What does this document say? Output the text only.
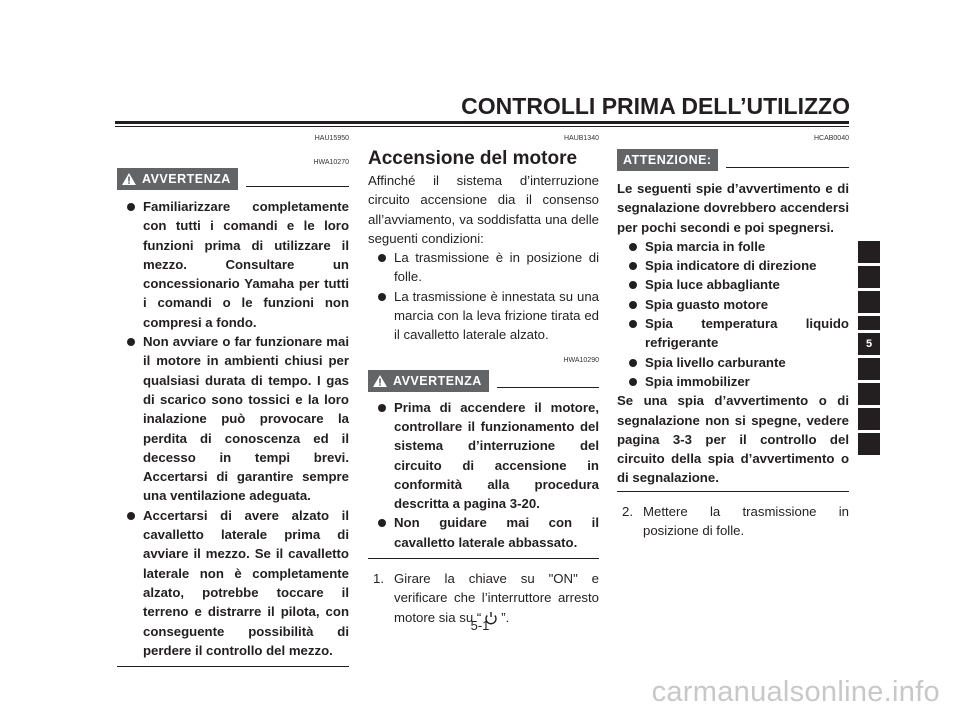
CONTROLLI PRIMA DELL’UTILIZZO
HAU15950
HWA10270
AVVERTENZA

Familiarizzare completamente con tutti i comandi e le loro funzioni prima di utilizzare il mezzo. Consultare un concessionario Yamaha per tutti i comandi o le funzioni non compresi a fondo.

Non avviare o far funzionare mai il motore in ambienti chiusi per qualsiasi durata di tempo. I gas di scarico sono tossici e la loro inalazione può provocare la perdita di conoscenza ed il decesso in tempi brevi. Accertarsi di garantire sempre una ventilazione adeguata.

Accertarsi di avere alzato il cavalletto laterale prima di avviare il mezzo. Se il cavalletto laterale non è completamente alzato, potrebbe toccare il terreno e distrarre il pilota, con conseguente possibilità di perdere il controllo del mezzo.

HAUB1340
Accensione del motore

Affinché il sistema d’interruzione circuito accensione dia il consenso all’avviamento, va soddisfatta una delle seguenti condizioni:

La trasmissione è in posizione di folle.

La trasmissione è innestata su una marcia con la leva frizione tirata ed il cavalletto laterale alzato.

HWA10290
AVVERTENZA

Prima di accendere il motore, controllare il funzionamento del sistema d’interruzione del circuito di accensione in conformità alla procedura descritta a pagina 3-20.

Non guidare mai con il cavalletto laterale abbassato.

1. Girare la chiave su "ON" e verificare che l’interruttore arresto motore sia su “ ”.

HCAB0040
ATTENZIONE:

Le seguenti spie d’avvertimento e di segnalazione dovrebbero accendersi per pochi secondi e poi spegnersi.

Spia marcia in folle

Spia indicatore di direzione

Spia luce abbagliante

Spia guasto motore

Spia temperatura liquido refrigerante

Spia livello carburante

Spia immobilizer

Se una spia d’avvertimento o di segnalazione non si spegne, vedere pagina 3-3 per il controllo del circuito della spia d’avvertimento o di segnalazione.

2. Mettere la trasmissione in posizione di folle.

5
5-1
carmanualsonline.info
